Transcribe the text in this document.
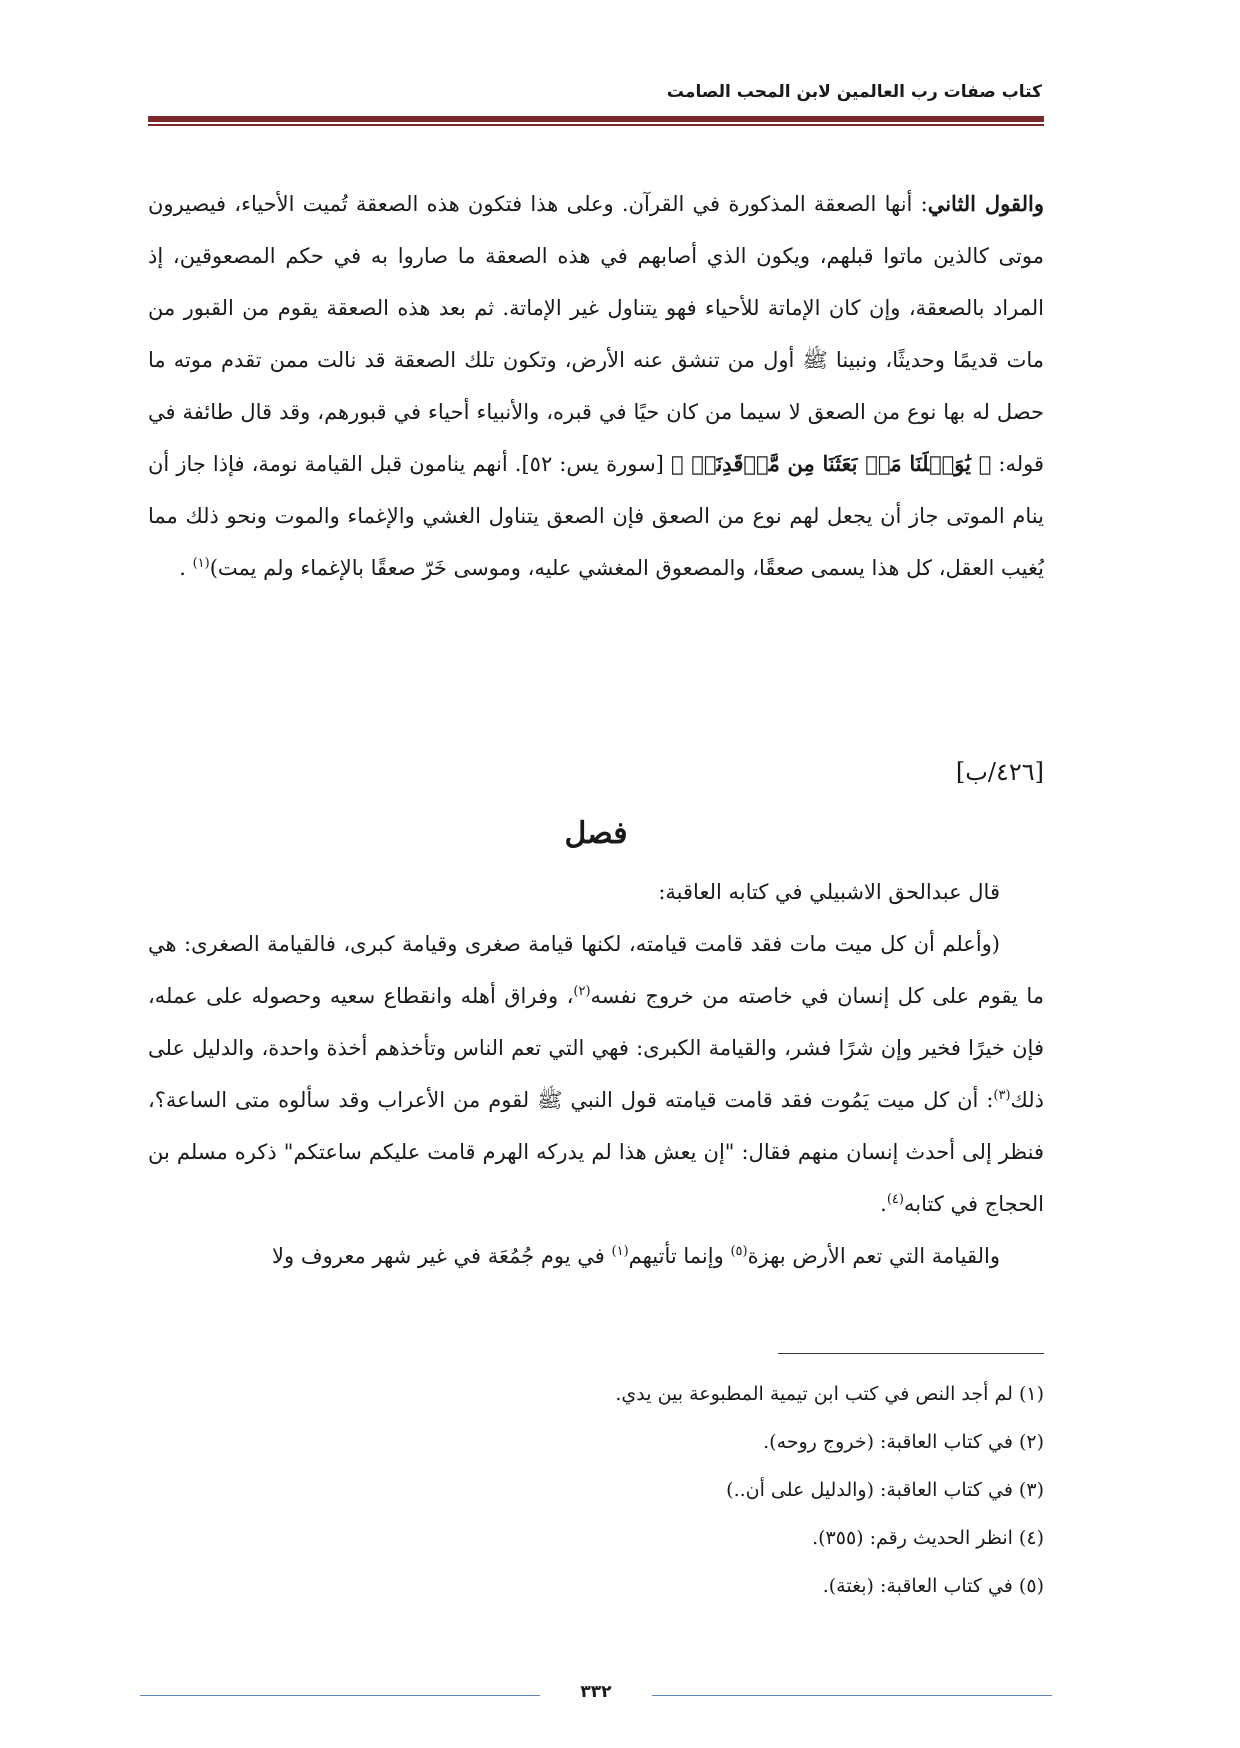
كتاب صفات رب العالمين لابن المحب الصامت

والقول الثاني: أنها الصعقة المذكورة في القرآن. وعلى هذا فتكون هذه الصعقة تُميت الأحياء، فيصيرون موتى كالذين ماتوا قبلهم، ويكون الذي أصابهم في هذه الصعقة ما صاروا به في حكم المصعوقين، إذ المراد بالصعقة، وإن كان الإماتة للأحياء فهو يتناول غير الإماتة. ثم بعد هذه الصعقة يقوم من القبور من مات قديمًا وحديثًا، ونبينا ﷺ أول من تنشق عنه الأرض، وتكون تلك الصعقة قد نالت ممن تقدم موته ما حصل له بها نوع من الصعق لا سيما من كان حيًا في قبره، والأنبياء أحياء في قبورهم، وقد قال طائفة في قوله: ﴿ يَٰوَيۡلَنَا مَنۢ بَعَثَنَا مِن مَّرۡقَدِنَاۜ ﴾ [سورة يس: ٥٢]. أنهم ينامون قبل القيامة نومة، فإذا جاز أن ينام الموتى جاز أن يجعل لهم نوع من الصعق فإن الصعق يتناول الغشي والإغماء والموت ونحو ذلك مما يُغيب العقل، كل هذا يسمى صعقًا، والمصعوق المغشي عليه، وموسى خَرّ صعقًا بالإغماء ولم يمت)$^{(١)}$ .

[٤٢٦/ب]
فصل

قال عبدالحق الاشبيلي في كتابه العاقبة:

(وأعلم أن كل ميت مات فقد قامت قيامته، لكنها قيامة صغرى وقيامة كبرى، فالقيامة الصغرى: هي ما يقوم على كل إنسان في خاصته من خروج نفسه$^{(٢)}$، وفراق أهله وانقطاع سعيه وحصوله على عمله، فإن خيرًا فخير وإن شرًا فشر، والقيامة الكبرى: فهي التي تعم الناس وتأخذهم أخذة واحدة، والدليل على ذلك$^{(٣)}$: أن كل ميت يَمُوت فقد قامت قيامته قول النبي ﷺ لقوم من الأعراب وقد سألوه متى الساعة؟، فنظر إلى أحدث إنسان منهم فقال: "إن يعش هذا لم يدركه الهرم قامت عليكم ساعتكم" ذكره مسلم بن الحجاج في كتابه$^{(٤)}$.

والقيامة التي تعم الأرض بهزة$^{(٥)}$ وإنما تأتيهم$^{(١)}$ في يوم جُمُعَة في غير شهر معروف ولا

(١) لم أجد النص في كتب ابن تيمية المطبوعة بين يدي.
(٢) في كتاب العاقبة: (خروج روحه).
(٣) في كتاب العاقبة: (والدليل على أن..)
(٤) انظر الحديث رقم: (٣٥٥).
(٥) في كتاب العاقبة: (بغتة).
٣٣٢
